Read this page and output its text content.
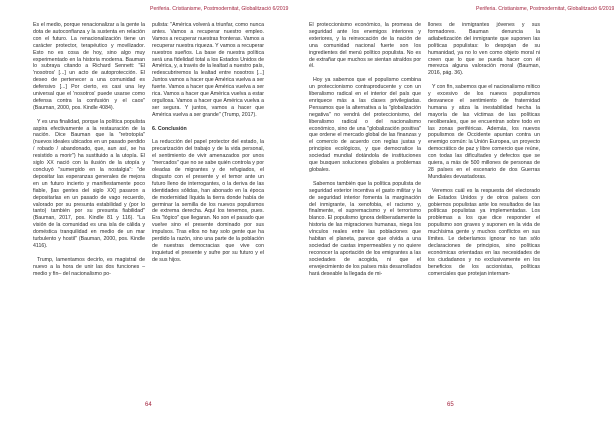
Periferia. Cristianisme, Postmodernitat, Globalització 6/2019

Es el medio, porque renacionalizar a la gente la dota de autoconfianza y la sustenta en relación con el futuro. La renacionalización tiene un carácter protector, terapéutico y movilizador. Esto no es cosa de hoy, sino algo muy experimentado en la historia moderna. Bauman lo subraya citando a Richard Sennett: "El 'nosotros' [...] un acto de autoprotección. El deseo de pertenecer a una comunidad es defensivo [...] Por cierto, es casi una ley universal que el 'nosotros' puede usarse como defensa contra la confusión y el caos" (Bauman, 2000, pos. Kindle 4084).

Y es una finalidad, porque la política populista aspira efectivamente a la restauración de la nación. Dice Bauman que la "retrotopía" (nuevos ideales ubicados en un pasado perdido / robado / abandonado, que, aun así, se ha resistido a morir") ha sustituido a la utopía. El siglo XX nació con la ilusión de la utopía y concluyó "sumergido en la nostalgia": "de depositar las esperanzas generales de mejora en un futuro incierto y manifiestamente poco fiable, [las gentes del siglo XX] pasaron a depositarlas en un pasado de vago recuerdo, valorado por su presunta estabilidad y (por lo tanto) también por su presunta fiabilidad" (Bauman, 2017, pos. Kindle 81 y 116). "La visión de la comunidad es una isla de cálida y doméstica tranquilidad en medio de un mar turbulento y hostil" (Bauman, 2000, pos. Kindle 4116).

Trump, lamentamos decirlo, es magistral de nuevo a la hora de unir las dos funciones –medio y fin– del nacionalismo po-

pulista: "América volverá a triunfar, como nunca antes. Vamos a recuperar nuestro empleo. Vamos a recuperar nuestras fronteras. Vamos a recuperar nuestra riqueza. Y vamos a recuperar nuestros sueños. La base de nuestra política será una fidelidad total a los Estados Unidos de América, y, a través de la lealtad a nuestro país, redescubriremos la lealtad entre nosotros [...] Juntos vamos a hacer que América vuelva a ser fuerte. Vamos a hacer que América vuelva a ser rica. Vamos a hacer que América vuelva a estar orgullosa. Vamos a hacer que América vuelva a ser segura. Y juntos, vamos a hacer que América vuelva a ser grande" (Trump, 2017).

6. Conclusión

La reducción del papel protector del estado, la precarización del trabajo y de la vida personal, el sentimiento de vivir amenazados por unos "mercados" que no se sabe quién controla y por oleadas de migrantes y de refugiados, el disgusto con el presente y el temor ante un futuro lleno de interrogantes, o la deriva de las identidades sólidas, han abonado en la época de modernidad líquida la tierra donde había de germinar la semilla de los nuevos populismos de extrema derecha. Aquí los tenemos, pues. Era "lógico" que llegaran. No son el pasado que vuelve sino el presente dominado por sus impulsos. Tras ellos no hay solo gente que ha perdido la razón, sino una parte de la población de nuestras democracias que vive con inquietud el presente y sufre por su futuro y el de sus hijos.

64
Periferia. Cristianisme, Postmodernitat, Globalització 6/2019

El proteccionismo económico, la promesa de seguridad ante los enemigos interiores y exteriores, y la reinvocación de la nación de una comunidad nacional fuerte son los ingredientes del menú político populista. No es de extrañar que muchos se sientan atraídos por él.

Hoy ya sabemos que el populismo combina un proteccionismo contraproducente y con un liberalismo radical en el interior del país que enriquece más a las clases privilegiadas. Pensamos que la alternativa a la "globalización negativa" no vendrá del proteccionismo, del liberalismo radical o del nacionalismo económico, sino de una "globalización positiva" que ordene el mercado global de las finanzas y el comercio de acuerdo con reglas justas y principios ecológicos, y que democratice la sociedad mundial dotándola de instituciones que busquen soluciones globales a problemas globales.

Sabemos también que la política populista de seguridad exterior incentiva el gasto militar y la de seguridad interior fomenta la marginación del inmigrante, la xenofobia, el racismo y, finalmente, el supremacismo y el terrorismo blanco. El populismo ignora deliberadamente la historia de las migraciones humanas, niega los vínculos reales entre las poblaciones que habitan el planeta, parece que olvida a una sociedad de castas impermeables y no quiere reconocer la aportación de los emigrantes a las sociedades de acogida, ni que el envejecimiento de los países más desarrollados hará deseable la llegada de mi-

llones de inmigrantes jóvenes y sus formadores. Bauman denuncia la adiabetización del inmigrante que suponen las políticas populistas: lo despojan de su humanidad, ya no lo ven como objeto moral ni creen que lo que se pueda hacer con él merezca alguna valoración moral (Bauman, 2016, pág. 36).

Y con fin, sabemos que el nacionalismo mítico y excesivo de los nuevos populismos desvanece el sentimiento de fraternidad humana y atiza la inestabilidad hecha la mayoría de las víctimas de las políticas neoliberales, que se encuentran sobre todo en las zonas periféricas. Además, los nuevos populismos de Occidente apuntan contra un enemigo común: la Unión Europea, un proyecto democrático de paz y libre comercio que reúne, con todas las dificultades y defectos que se quiera, a más de 500 millones de personas de 28 países en el escenario de dos Guerras Mundiales devastadoras.

Veremos cuál es la respuesta del electorado de Estados Unidos y de otros países con gobiernos populistas ante los resultados de las políticas populistas ya implementadas. Los problemas a los que dice responder el populismo son graves y suponen en la vida de muchísima gente y muchos conflictos en sus límites. Le deberíamos ignorar no tan sólo declaraciones de principios, sino políticas económicas orientadas en las necesidades de los ciudadanos y no exclusivamente en los beneficios de los accionistas, políticas comerciales que protejan internam-

65
